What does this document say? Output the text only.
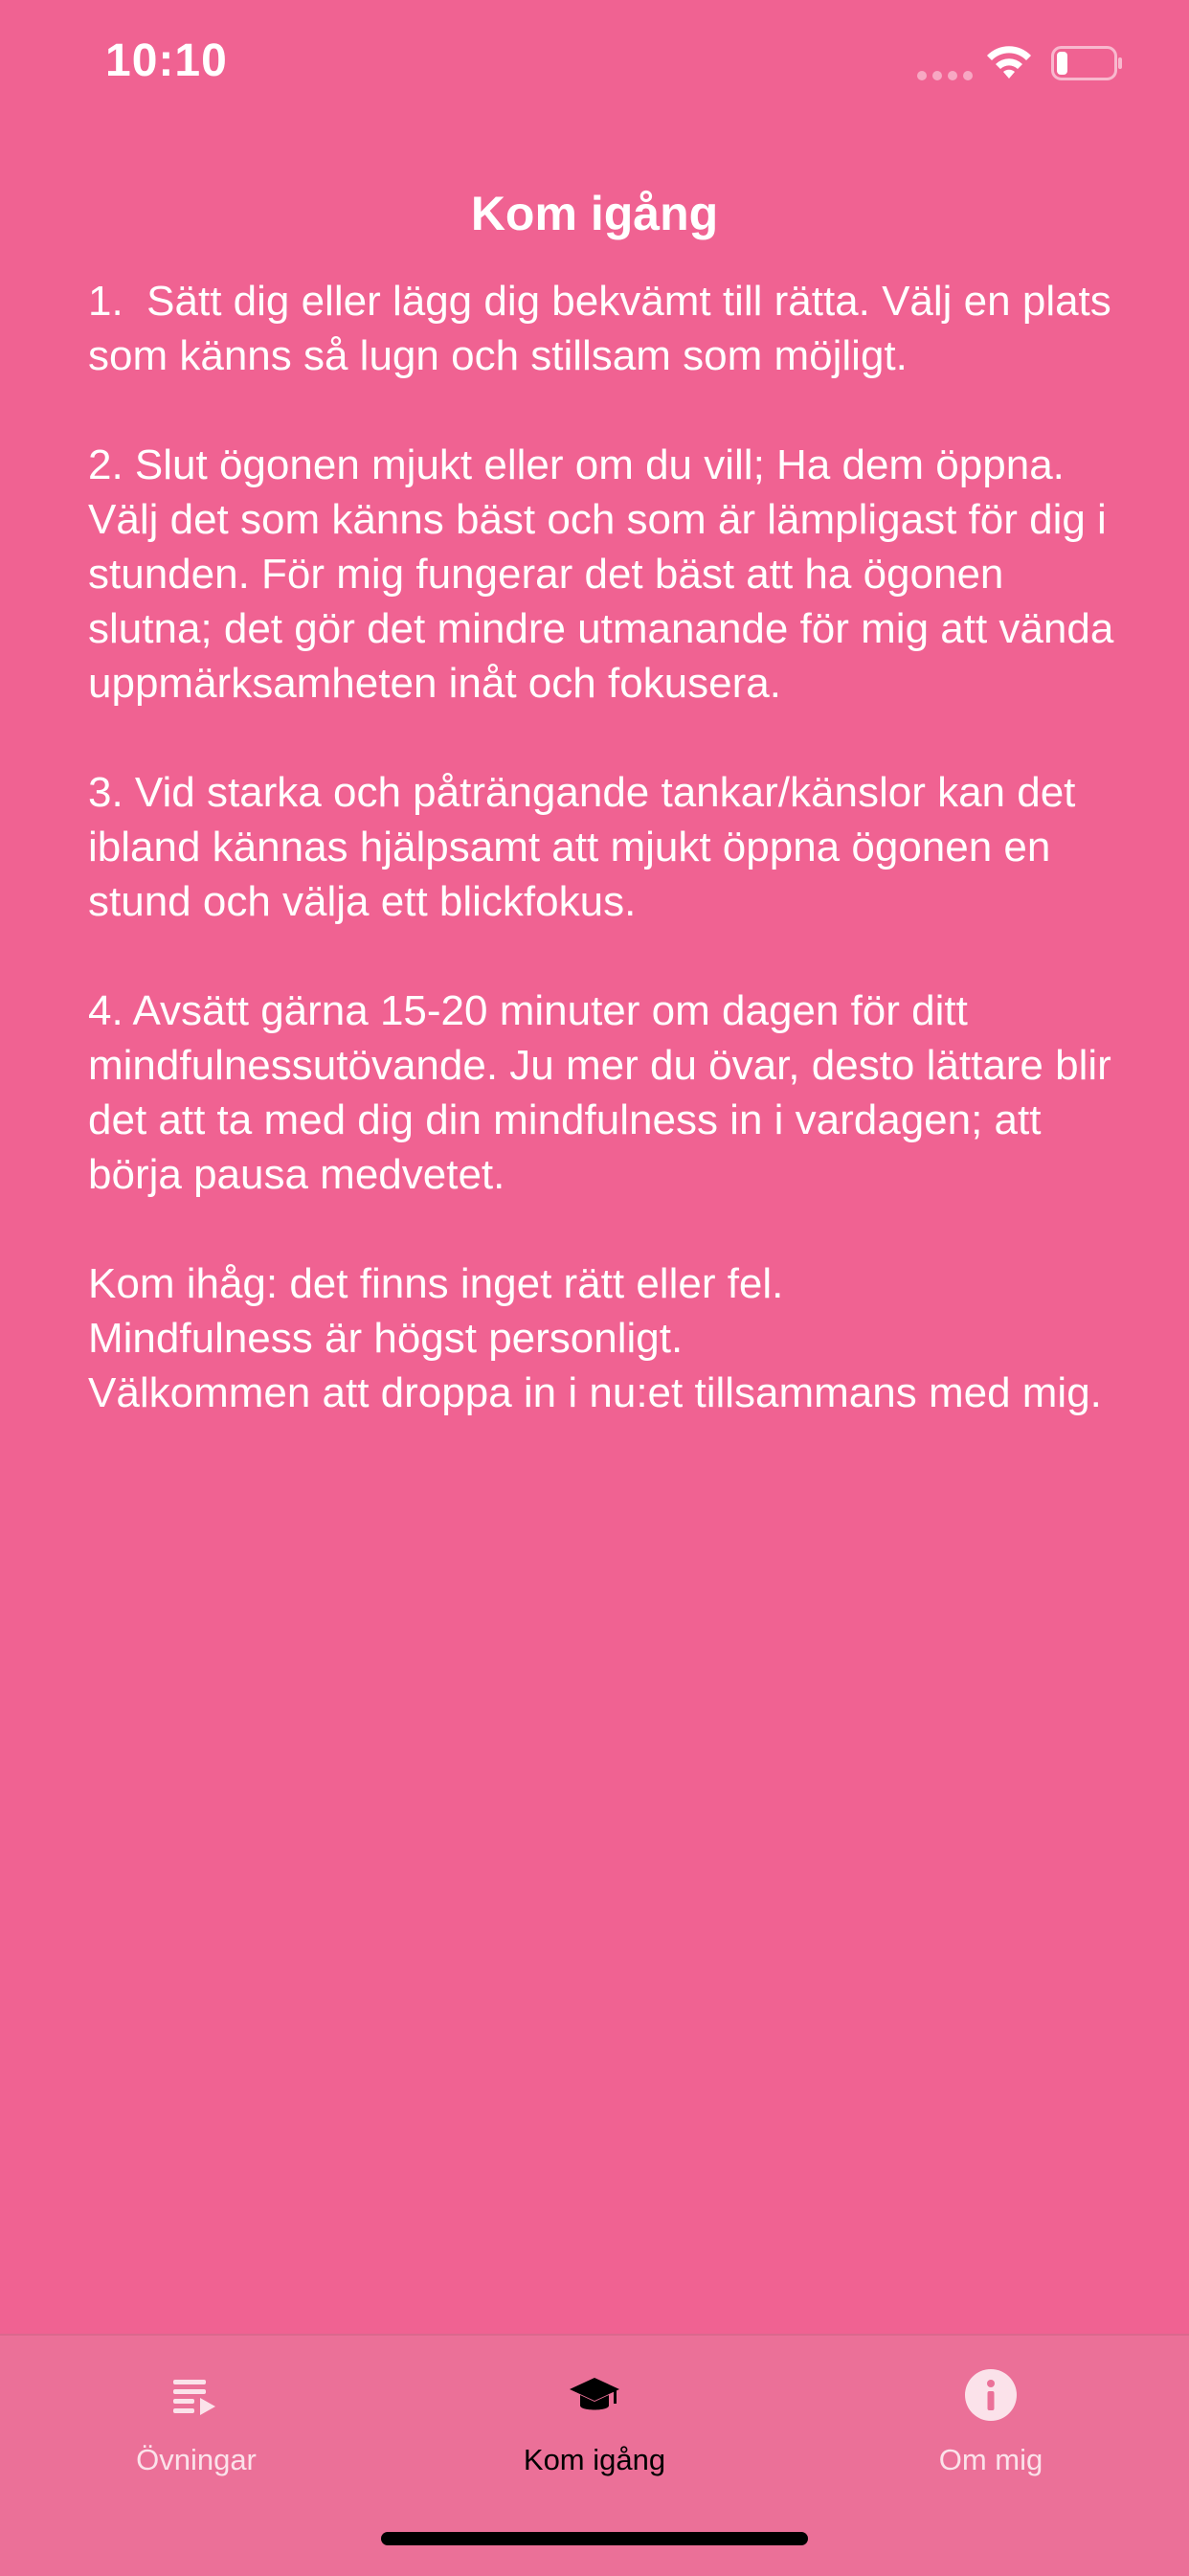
10:10
Kom igång

1.  Sätt dig eller lägg dig bekvämt till rätta. Välj en plats som känns så lugn och stillsam som möjligt.

2. Slut ögonen mjukt eller om du vill; Ha dem öppna. Välj det som känns bäst och som är lämpligast för dig i stunden. För mig fungerar det bäst att ha ögonen slutna; det gör det mindre utmanande för mig att vända uppmärksamheten inåt och fokusera.

3. Vid starka och påträngande tankar/känslor kan det ibland kännas hjälpsamt att mjukt öppna ögonen en stund och välja ett blickfokus.

4. Avsätt gärna 15-20 minuter om dagen för ditt mindfulnessutövande. Ju mer du övar, desto lättare blir det att ta med dig din mindfulness in i vardagen; att börja pausa medvetet.

Kom ihåg: det finns inget rätt eller fel.
Mindfulness är högst personligt.
Välkommen att droppa in i nu:et tillsammans med mig.

Övningar	Kom igång	Om mig
